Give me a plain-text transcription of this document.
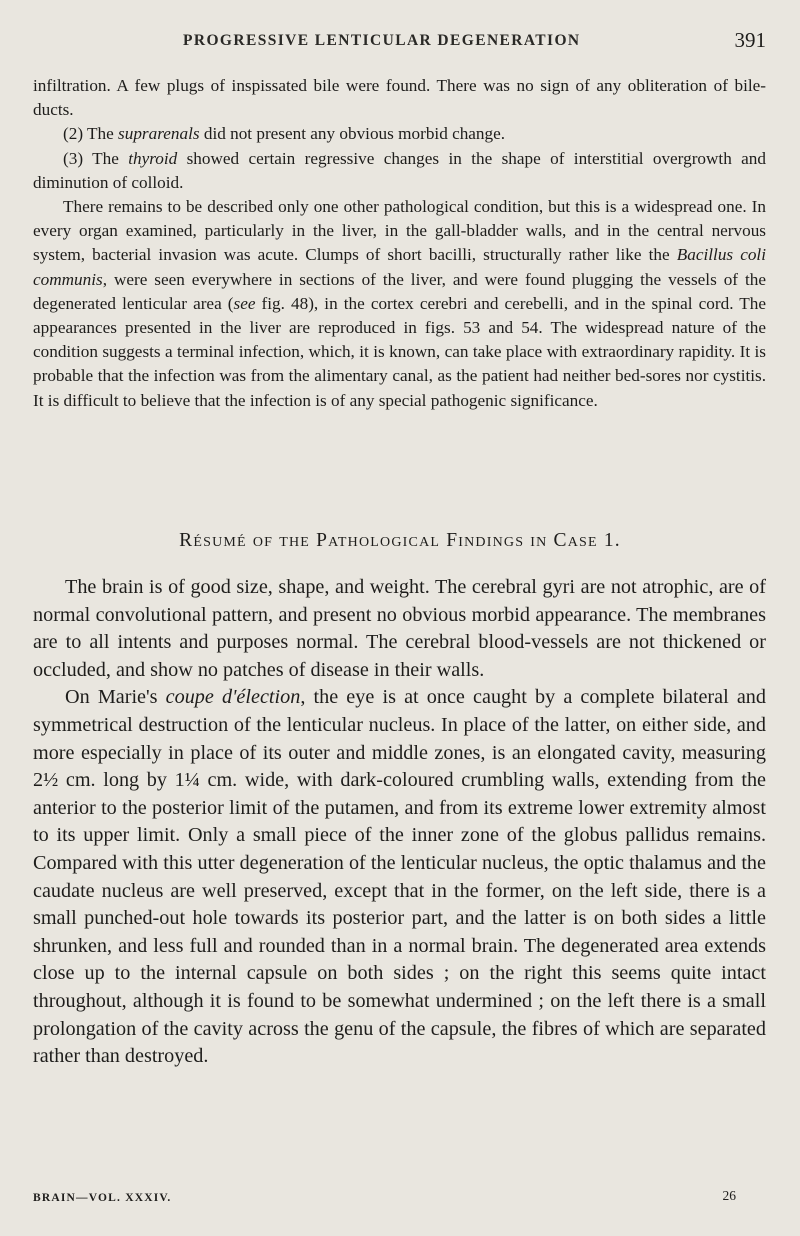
PROGRESSIVE LENTICULAR DEGENERATION	391

infiltration. A few plugs of inspissated bile were found. There was no sign of any obliteration of bile-ducts.

(2) The suprarenals did not present any obvious morbid change.

(3) The thyroid showed certain regressive changes in the shape of interstitial overgrowth and diminution of colloid.

There remains to be described only one other pathological condition, but this is a widespread one. In every organ examined, particularly in the liver, in the gall-bladder walls, and in the central nervous system, bacterial invasion was acute. Clumps of short bacilli, structurally rather like the Bacillus coli communis, were seen everywhere in sections of the liver, and were found plugging the vessels of the degenerated lenticular area (see fig. 48), in the cortex cerebri and cerebelli, and in the spinal cord. The appearances presented in the liver are reproduced in figs. 53 and 54. The widespread nature of the condition suggests a terminal infection, which, it is known, can take place with extraordinary rapidity. It is probable that the infection was from the alimentary canal, as the patient had neither bed-sores nor cystitis. It is difficult to believe that the infection is of any special pathogenic significance.

Résumé of the Pathological Findings in Case 1.

The brain is of good size, shape, and weight. The cerebral gyri are not atrophic, are of normal convolutional pattern, and present no obvious morbid appearance. The membranes are to all intents and purposes normal. The cerebral blood-vessels are not thickened or occluded, and show no patches of disease in their walls.

On Marie's coupe d'élection, the eye is at once caught by a complete bilateral and symmetrical destruction of the lenticular nucleus. In place of the latter, on either side, and more especially in place of its outer and middle zones, is an elongated cavity, measuring 2½ cm. long by 1¼ cm. wide, with dark-coloured crumbling walls, extending from the anterior to the posterior limit of the putamen, and from its extreme lower extremity almost to its upper limit. Only a small piece of the inner zone of the globus pallidus remains. Compared with this utter degeneration of the lenticular nucleus, the optic thalamus and the caudate nucleus are well preserved, except that in the former, on the left side, there is a small punched-out hole towards its posterior part, and the latter is on both sides a little shrunken, and less full and rounded than in a normal brain. The degenerated area extends close up to the internal capsule on both sides ; on the right this seems quite intact throughout, although it is found to be somewhat undermined ; on the left there is a small prolongation of the cavity across the genu of the capsule, the fibres of which are separated rather than destroyed.

BRAIN—VOL. XXXIV.	26
